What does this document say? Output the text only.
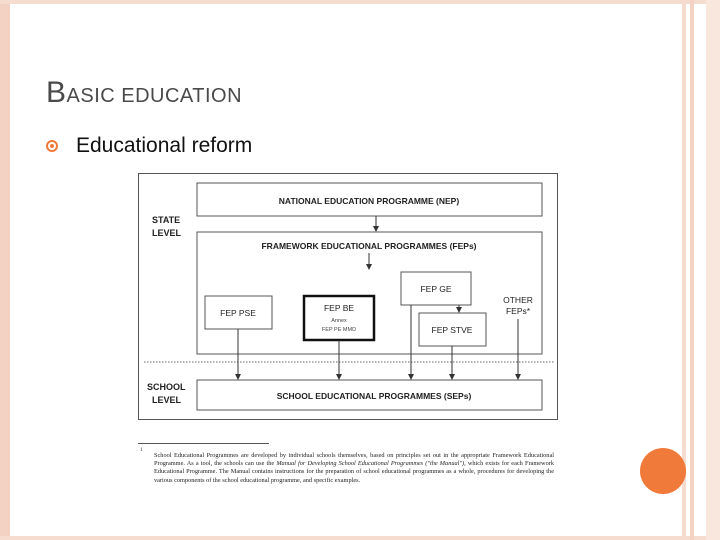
BASIC EDUCATION
Educational reform
STATE
LEVEL
NATIONAL EDUCATION PROGRAMME (NEP)
FRAMEWORK EDUCATIONAL PROGRAMMES (FEPs)
FEP GE
FEP PSE	FEP BE
Annex
FEP PE MMD	FEP STVE
OTHER
FEPs*
SCHOOL
LEVEL	SCHOOL EDUCATIONAL PROGRAMMES (SEPs)
1
School Educational Programmes are developed by individual schools themselves, based on principles set out in the appropriate Framework Educational Programme. As a tool, the schools can use the Manual for Developing School Educational Programmes ("the Manual"), which exists for each Framework Educational Programme. The Manual contains instructions for the preparation of school educational programmes as a whole, procedures for developing the various components of the school educational programme, and specific examples.
